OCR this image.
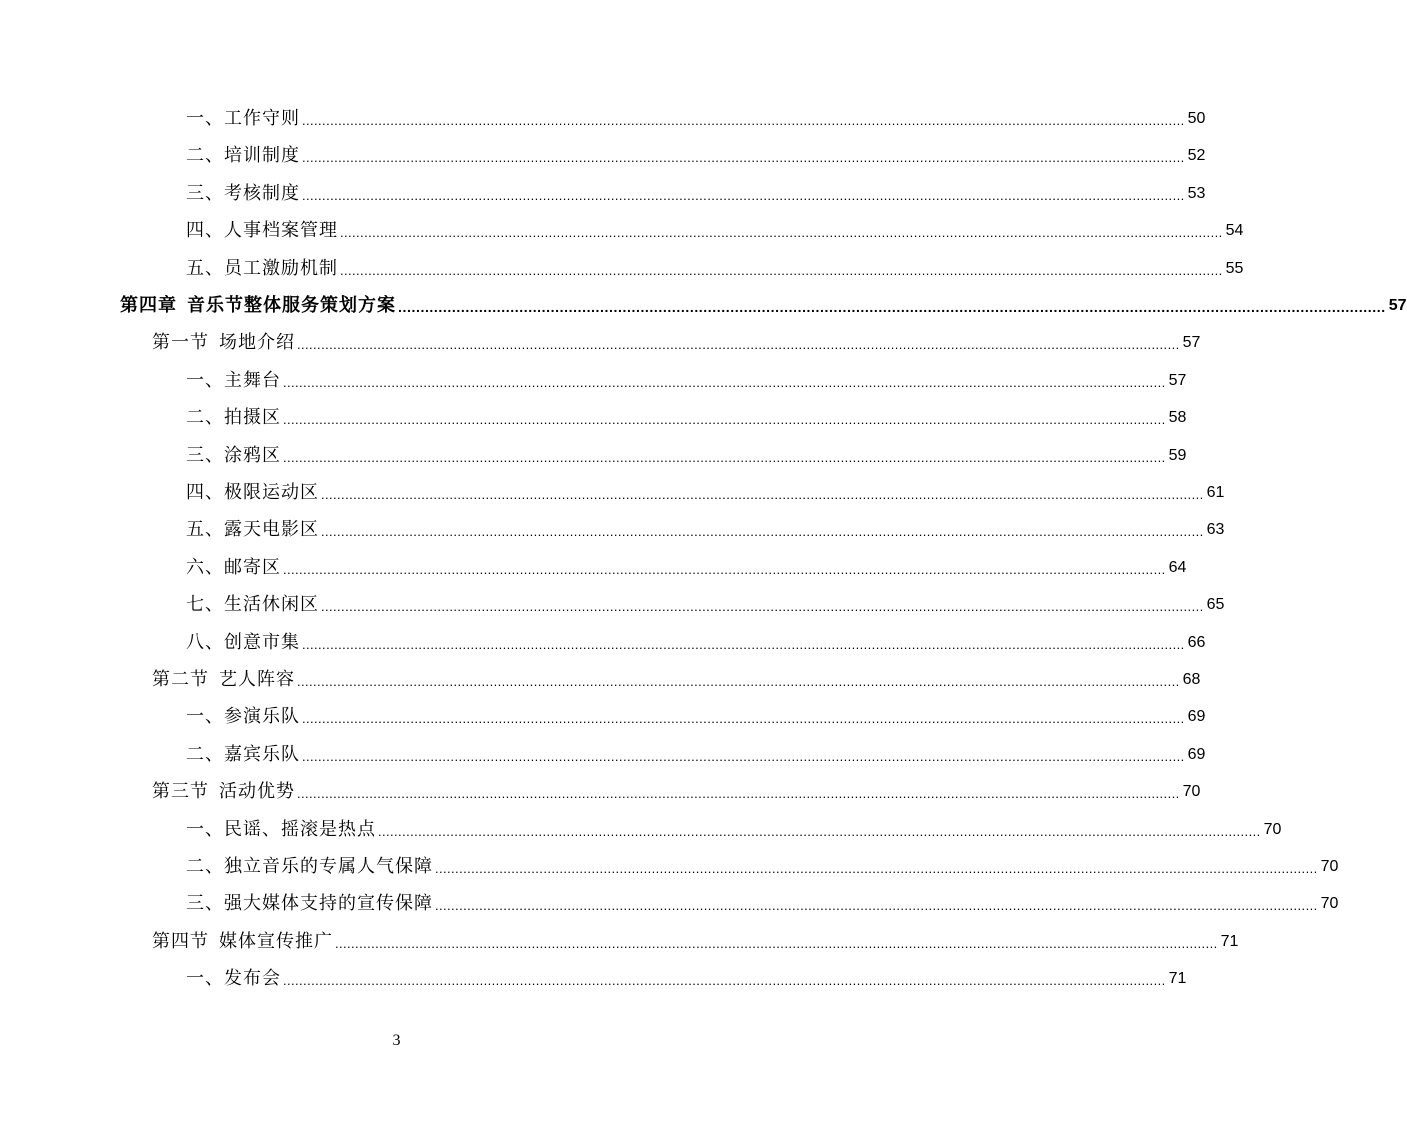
一、工作守则 ............................................................................................................................................................................................................................ 50
二、培训制度 ............................................................................................................................................................................................................................ 52
三、考核制度 ............................................................................................................................................................................................................................ 53
四、人事档案管理 ............................................................................................................................................................................................................................ 54
五、员工激励机制 ............................................................................................................................................................................................................................ 55
第四章 音乐节整体服务策划方案 ............................................................................................................................................................................................................................ 57
第一节 场地介绍 ............................................................................................................................................................................................................................ 57
一、主舞台 ............................................................................................................................................................................................................................ 57
二、拍摄区 ............................................................................................................................................................................................................................ 58
三、涂鸦区 ............................................................................................................................................................................................................................ 59
四、极限运动区 ............................................................................................................................................................................................................................ 61
五、露天电影区 ............................................................................................................................................................................................................................ 63
六、邮寄区 ............................................................................................................................................................................................................................ 64
七、生活休闲区 ............................................................................................................................................................................................................................ 65
八、创意市集 ............................................................................................................................................................................................................................ 66
第二节 艺人阵容 ............................................................................................................................................................................................................................ 68
一、参演乐队 ............................................................................................................................................................................................................................ 69
二、嘉宾乐队 ............................................................................................................................................................................................................................ 69
第三节 活动优势 ............................................................................................................................................................................................................................ 70
一、民谣、摇滚是热点 ............................................................................................................................................................................................................................ 70
二、独立音乐的专属人气保障 ............................................................................................................................................................................................................................ 70
三、强大媒体支持的宣传保障 ............................................................................................................................................................................................................................ 70
第四节 媒体宣传推广 ............................................................................................................................................................................................................................ 71
一、发布会 ............................................................................................................................................................................................................................ 71
3
